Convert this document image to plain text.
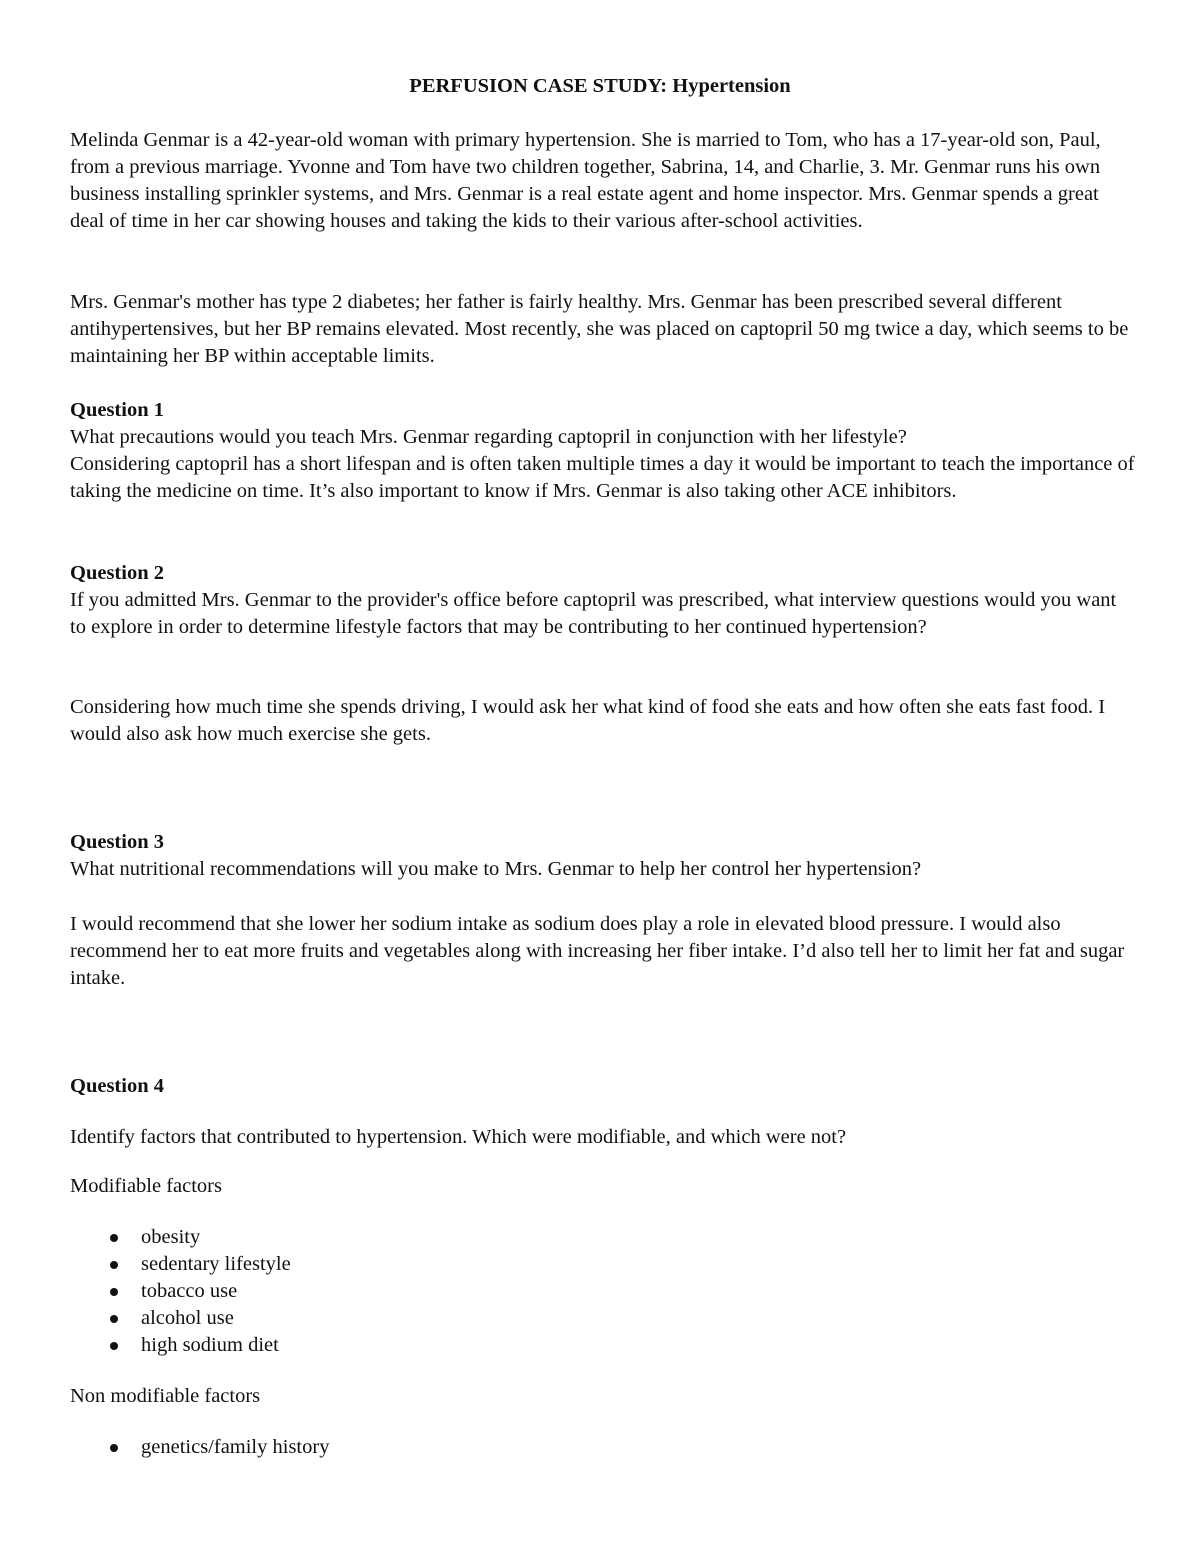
PERFUSION CASE STUDY: Hypertension

Melinda Genmar is a 42-year-old woman with primary hypertension. She is married to Tom, who has a 17-year-old son, Paul, from a previous marriage. Yvonne and Tom have two children together, Sabrina, 14, and Charlie, 3. Mr. Genmar runs his own business installing sprinkler systems, and Mrs. Genmar is a real estate agent and home inspector. Mrs. Genmar spends a great deal of time in her car showing houses and taking the kids to their various after-school activities.

Mrs. Genmar's mother has type 2 diabetes; her father is fairly healthy. Mrs. Genmar has been prescribed several different antihypertensives, but her BP remains elevated. Most recently, she was placed on captopril 50 mg twice a day, which seems to be maintaining her BP within acceptable limits.

Question 1

What precautions would you teach Mrs. Genmar regarding captopril in conjunction with her lifestyle?

Considering captopril has a short lifespan and is often taken multiple times a day it would be important to teach the importance of taking the medicine on time. It’s also important to know if Mrs. Genmar is also taking other ACE inhibitors.

Question 2

If you admitted Mrs. Genmar to the provider's office before captopril was prescribed, what interview questions would you want to explore in order to determine lifestyle factors that may be contributing to her continued hypertension?

Considering how much time she spends driving, I would ask her what kind of food she eats and how often she eats fast food. I would also ask how much exercise she gets.

Question 3

What nutritional recommendations will you make to Mrs. Genmar to help her control her hypertension?

I would recommend that she lower her sodium intake as sodium does play a role in elevated blood pressure. I would also recommend her to eat more fruits and vegetables along with increasing her fiber intake. I’d also tell her to limit her fat and sugar intake.

Question 4

Identify factors that contributed to hypertension. Which were modifiable, and which were not?

Modifiable factors

obesity
sedentary lifestyle
tobacco use
alcohol use
high sodium diet

Non modifiable factors

genetics/family history
